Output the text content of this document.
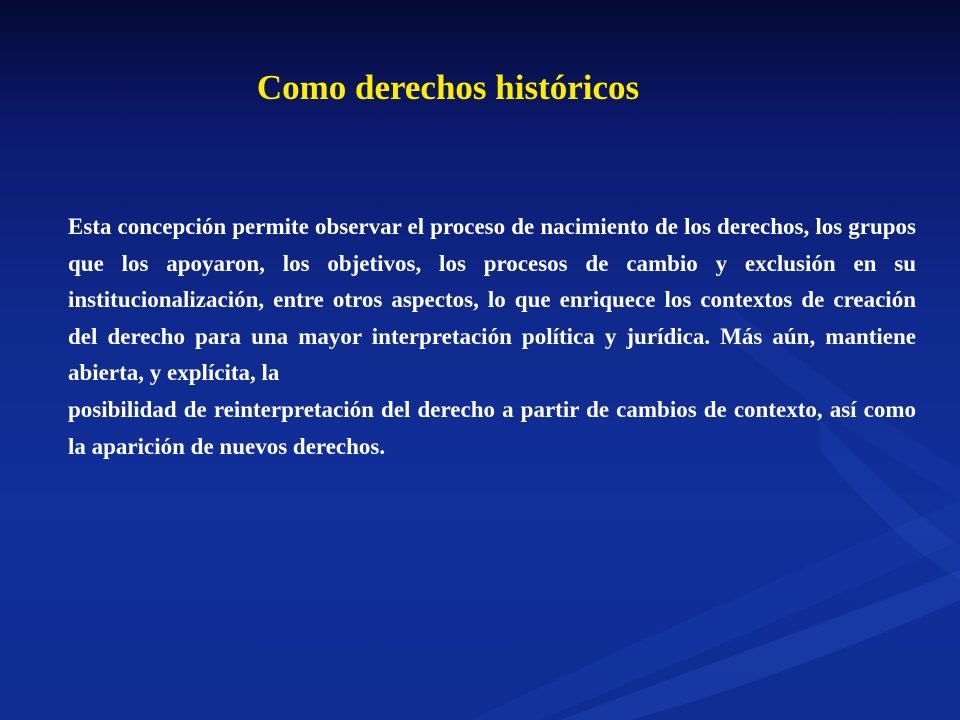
Como derechos históricos

Esta concepción permite observar el proceso de nacimiento de los derechos, los grupos que los apoyaron, los objetivos, los procesos de cambio y exclusión en su institucionalización, entre otros aspectos, lo que enriquece los contextos de creación del derecho para una mayor interpretación política y jurídica. Más aún, mantiene abierta, y explícita, la

posibilidad de reinterpretación del derecho a partir de cambios de contexto, así como la aparición de nuevos derechos.
